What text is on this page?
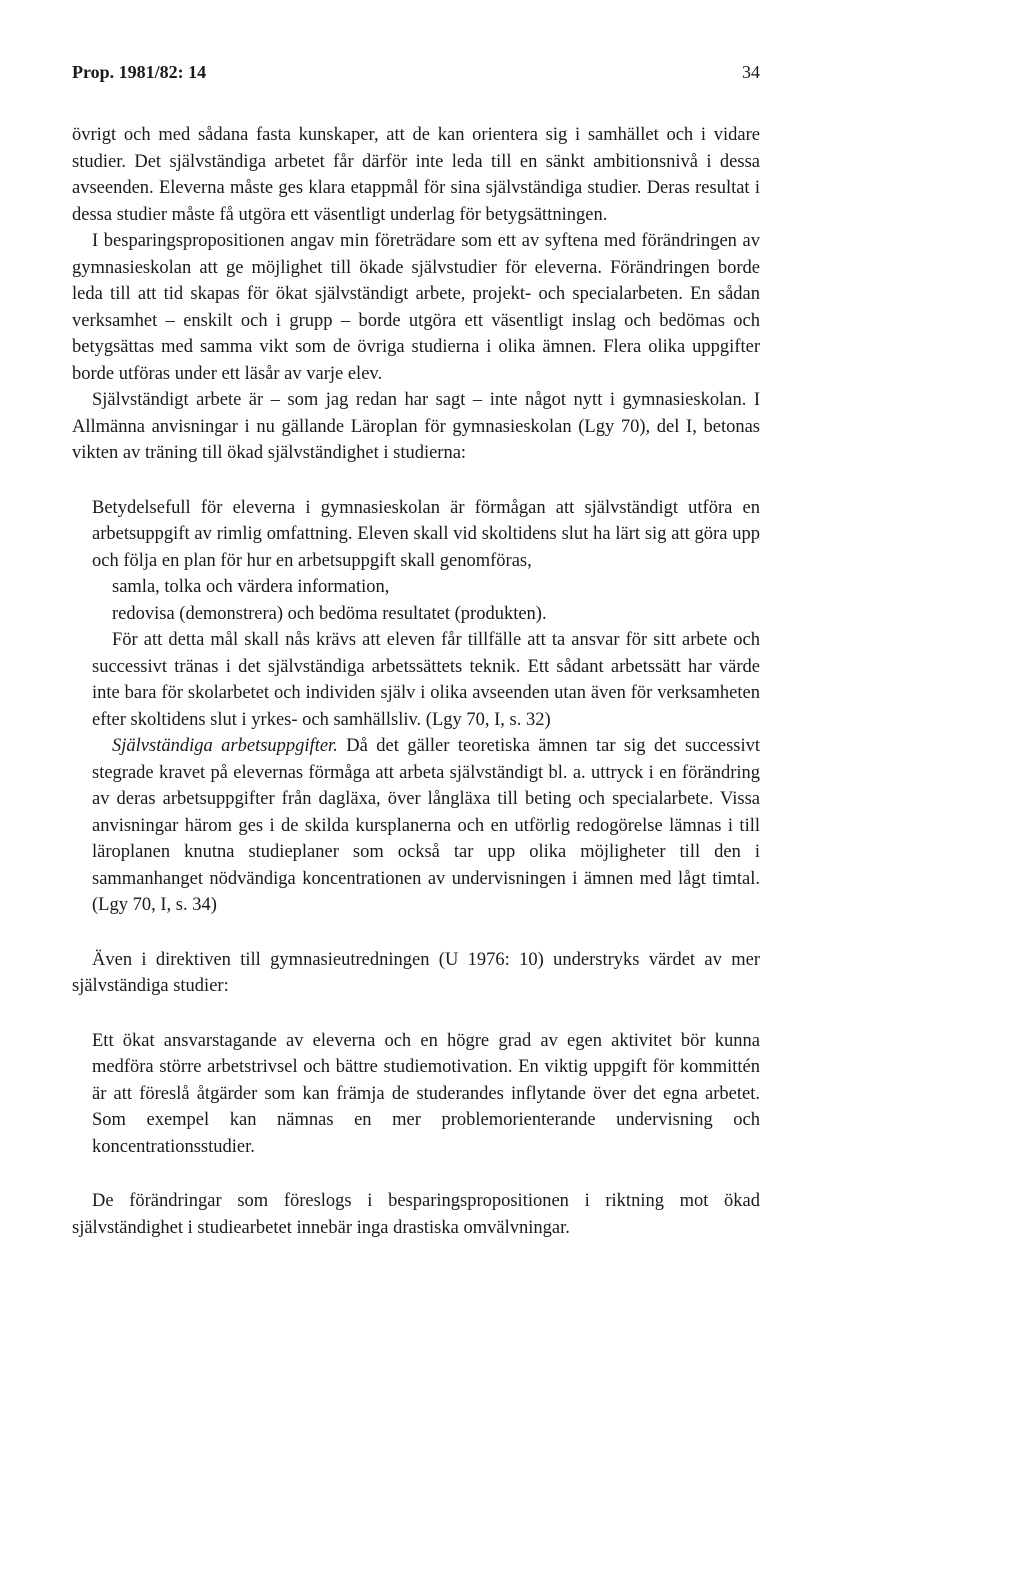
Prop. 1981/82: 14	34

övrigt och med sådana fasta kunskaper, att de kan orientera sig i samhället och i vidare studier. Det självständiga arbetet får därför inte leda till en sänkt ambitionsnivå i dessa avseenden. Eleverna måste ges klara etappmål för sina självständiga studier. Deras resultat i dessa studier måste få utgöra ett väsentligt underlag för betygsättningen.

I besparingspropositionen angav min företrädare som ett av syftena med förändringen av gymnasieskolan att ge möjlighet till ökade självstudier för eleverna. Förändringen borde leda till att tid skapas för ökat självständigt arbete, projekt- och specialarbeten. En sådan verksamhet – enskilt och i grupp – borde utgöra ett väsentligt inslag och bedömas och betygsättas med samma vikt som de övriga studierna i olika ämnen. Flera olika uppgifter borde utföras under ett läsår av varje elev.

Självständigt arbete är – som jag redan har sagt – inte något nytt i gymnasieskolan. I Allmänna anvisningar i nu gällande Läroplan för gymnasieskolan (Lgy 70), del I, betonas vikten av träning till ökad självständighet i studierna:

Betydelsefull för eleverna i gymnasieskolan är förmågan att självständigt utföra en arbetsuppgift av rimlig omfattning. Eleven skall vid skoltidens slut ha lärt sig att göra upp och följa en plan för hur en arbetsuppgift skall genomföras,

samla, tolka och värdera information,

redovisa (demonstrera) och bedöma resultatet (produkten).

För att detta mål skall nås krävs att eleven får tillfälle att ta ansvar för sitt arbete och successivt tränas i det självständiga arbetssättets teknik. Ett sådant arbetssätt har värde inte bara för skolarbetet och individen själv i olika avseenden utan även för verksamheten efter skoltidens slut i yrkes- och samhällsliv. (Lgy 70, I, s. 32)

Självständiga arbetsuppgifter. Då det gäller teoretiska ämnen tar sig det successivt stegrade kravet på elevernas förmåga att arbeta självständigt bl. a. uttryck i en förändring av deras arbetsuppgifter från dagläxa, över långläxa till beting och specialarbete. Vissa anvisningar härom ges i de skilda kursplanerna och en utförlig redogörelse lämnas i till läroplanen knutna studieplaner som också tar upp olika möjligheter till den i sammanhanget nödvändiga koncentrationen av undervisningen i ämnen med lågt timtal. (Lgy 70, I, s. 34)

Även i direktiven till gymnasieutredningen (U 1976: 10) understryks värdet av mer självständiga studier:

Ett ökat ansvarstagande av eleverna och en högre grad av egen aktivitet bör kunna medföra större arbetstrivsel och bättre studiemotivation. En viktig uppgift för kommittén är att föreslå åtgärder som kan främja de studerandes inflytande över det egna arbetet. Som exempel kan nämnas en mer problemorienterande undervisning och koncentrationsstudier.

De förändringar som föreslogs i besparingspropositionen i riktning mot ökad självständighet i studiearbetet innebär inga drastiska omvälvningar.
